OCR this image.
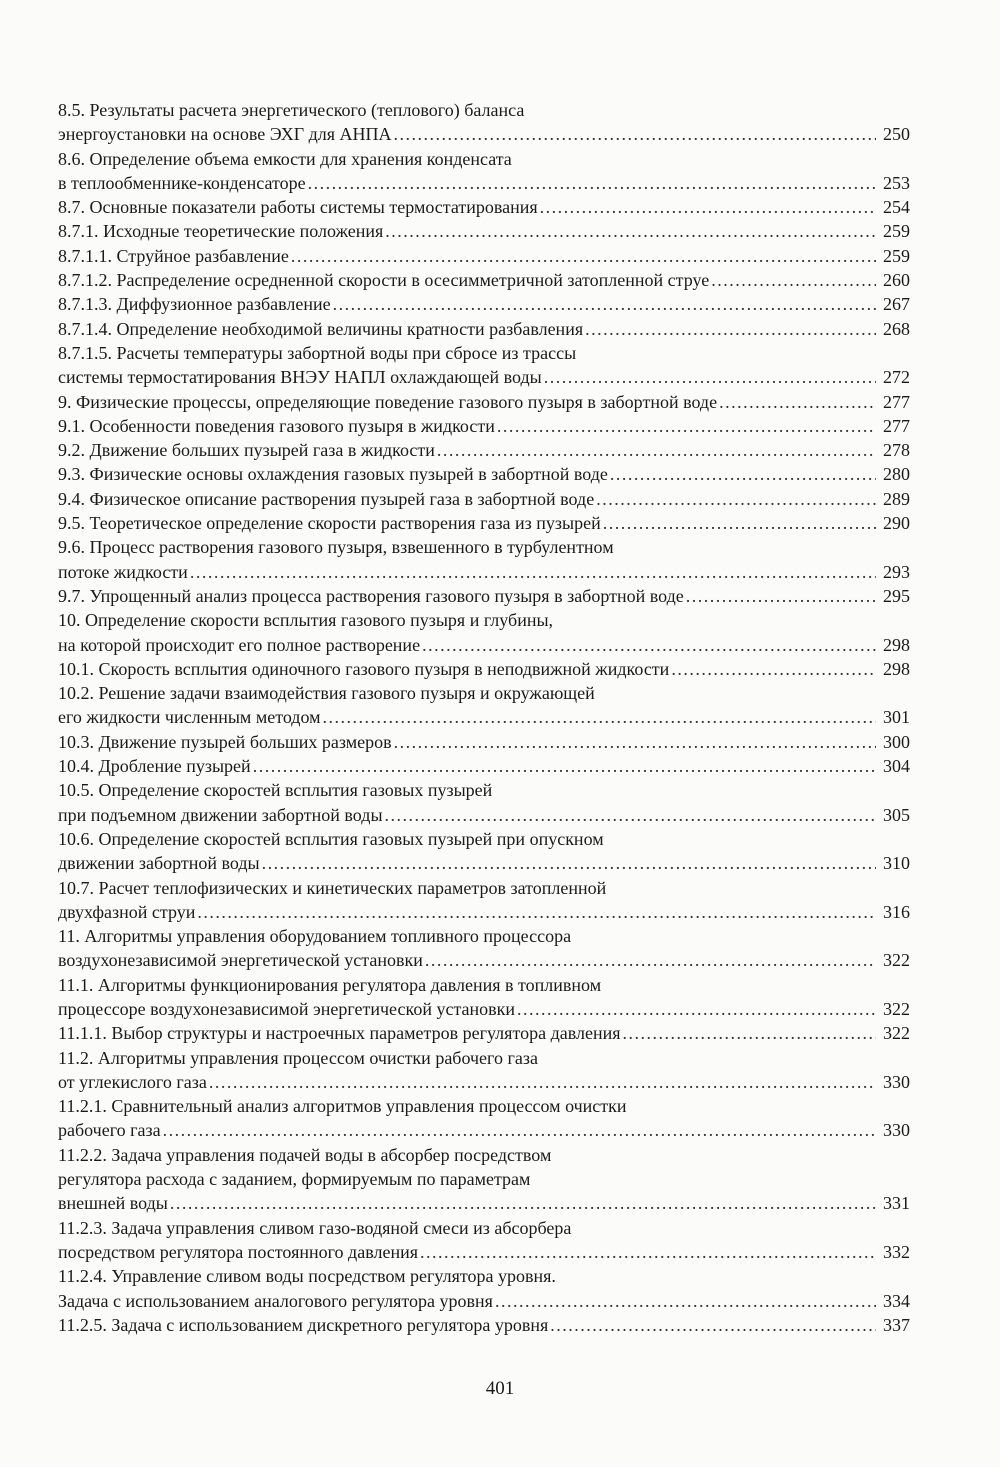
8.5. Результаты расчета энергетического (теплового) баланса
энергоустановки на основе ЭХГ для АНПА .....	250
8.6. Определение объема емкости для хранения конденсата
в теплообменнике-конденсаторе .....	253
8.7. Основные показатели работы системы термостатирования .....	254
8.7.1. Исходные теоретические положения .....	259
8.7.1.1. Струйное разбавление .....	259
8.7.1.2. Распределение осредненной скорости в осесимметричной затопленной струе .....	260
8.7.1.3. Диффузионное разбавление .....	267
8.7.1.4. Определение необходимой величины кратности разбавления .....	268
8.7.1.5. Расчеты температуры забортной воды при сбросе из трассы
системы термостатирования ВНЭУ НАПЛ охлаждающей воды .....	272
9. Физические процессы, определяющие поведение газового пузыря в забортной воде .....	277
9.1. Особенности поведения газового пузыря в жидкости .....	277
9.2. Движение больших пузырей газа в жидкости .....	278
9.3. Физические основы охлаждения газовых пузырей в забортной воде .....	280
9.4. Физическое описание растворения пузырей газа в забортной воде .....	289
9.5. Теоретическое определение скорости растворения газа из пузырей .....	290
9.6. Процесс растворения газового пузыря, взвешенного в турбулентном
потоке жидкости .....	293
9.7. Упрощенный анализ процесса растворения газового пузыря в забортной воде .....	295
10. Определение скорости всплытия газового пузыря и глубины,
на которой происходит его полное растворение .....	298
10.1. Скорость всплытия одиночного газового пузыря в неподвижной жидкости .....	298
10.2. Решение задачи взаимодействия газового пузыря и окружающей
его жидкости численным методом .....	301
10.3. Движение пузырей больших размеров .....	300
10.4. Дробление пузырей .....	304
10.5. Определение скоростей всплытия газовых пузырей
при подъемном движении забортной воды .....	305
10.6. Определение скоростей всплытия газовых пузырей при опускном
движении забортной воды .....	310
10.7. Расчет теплофизических и кинетических параметров затопленной
двухфазной струи .....	316
11. Алгоритмы управления оборудованием топливного процессора
воздухонезависимой энергетической установки .....	322
11.1. Алгоритмы функционирования регулятора давления в топливном
процессоре воздухонезависимой энергетической установки .....	322
11.1.1. Выбор структуры и настроечных параметров регулятора давления .....	322
11.2. Алгоритмы управления процессом очистки рабочего газа
от углекислого газа .....	330
11.2.1. Сравнительный анализ алгоритмов управления процессом очистки
рабочего газа .....	330
11.2.2. Задача управления подачей воды в абсорбер посредством
регулятора расхода с заданием, формируемым по параметрам
внешней воды .....	331
11.2.3. Задача управления сливом газо-водяной смеси из абсорбера
посредством регулятора постоянного давления .....	332
11.2.4. Управление сливом воды посредством регулятора уровня.
Задача с использованием аналогового регулятора уровня .....	334
11.2.5. Задача с использованием дискретного регулятора уровня .....	337
401
